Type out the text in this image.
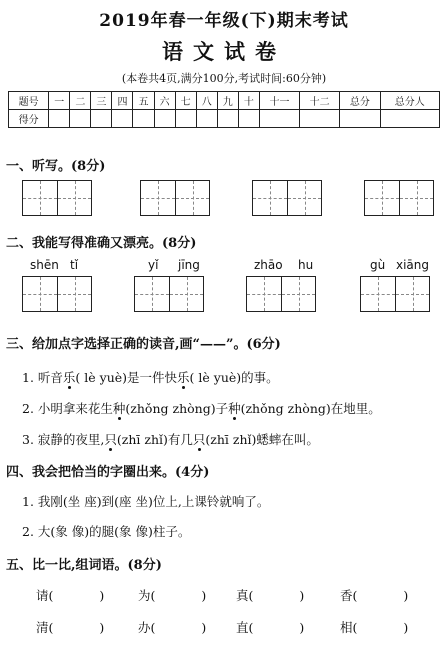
2019年春一年级(下)期末考试
语文试卷
(本卷共4页,满分100分,考试时间:60分钟)
题号	一	二	三	四	五	六	七	八	九	十	十一	十二	总分	总分人
得分														
一、听写。(8分)
二、我能写得准确又漂亮。(8分)
shēn tǐ	yǐ jīng	zhāo hu	gù xiāng
三、给加点字选择正确的读音,画“——”。(6分)
1. 听音乐( lè yuè)是一件快乐( lè yuè)的事。
2. 小明拿来花生种(zhǒng zhòng)子种(zhǒng zhòng)在地里。
3. 寂静的夜里,只(zhī zhǐ)有几只(zhī zhǐ)蟋蟀在叫。
四、我会把恰当的字圈出来。(4分)
1. 我刚(坐 座)到(座 坐)位上,上课铃就响了。
2. 大(象 像)的腿(象 像)柱子。
五、比一比,组词语。(8分)
请(	)	为(	) 真(	)	香(	)
清(	)	办(	) 直(	)	相(	)
